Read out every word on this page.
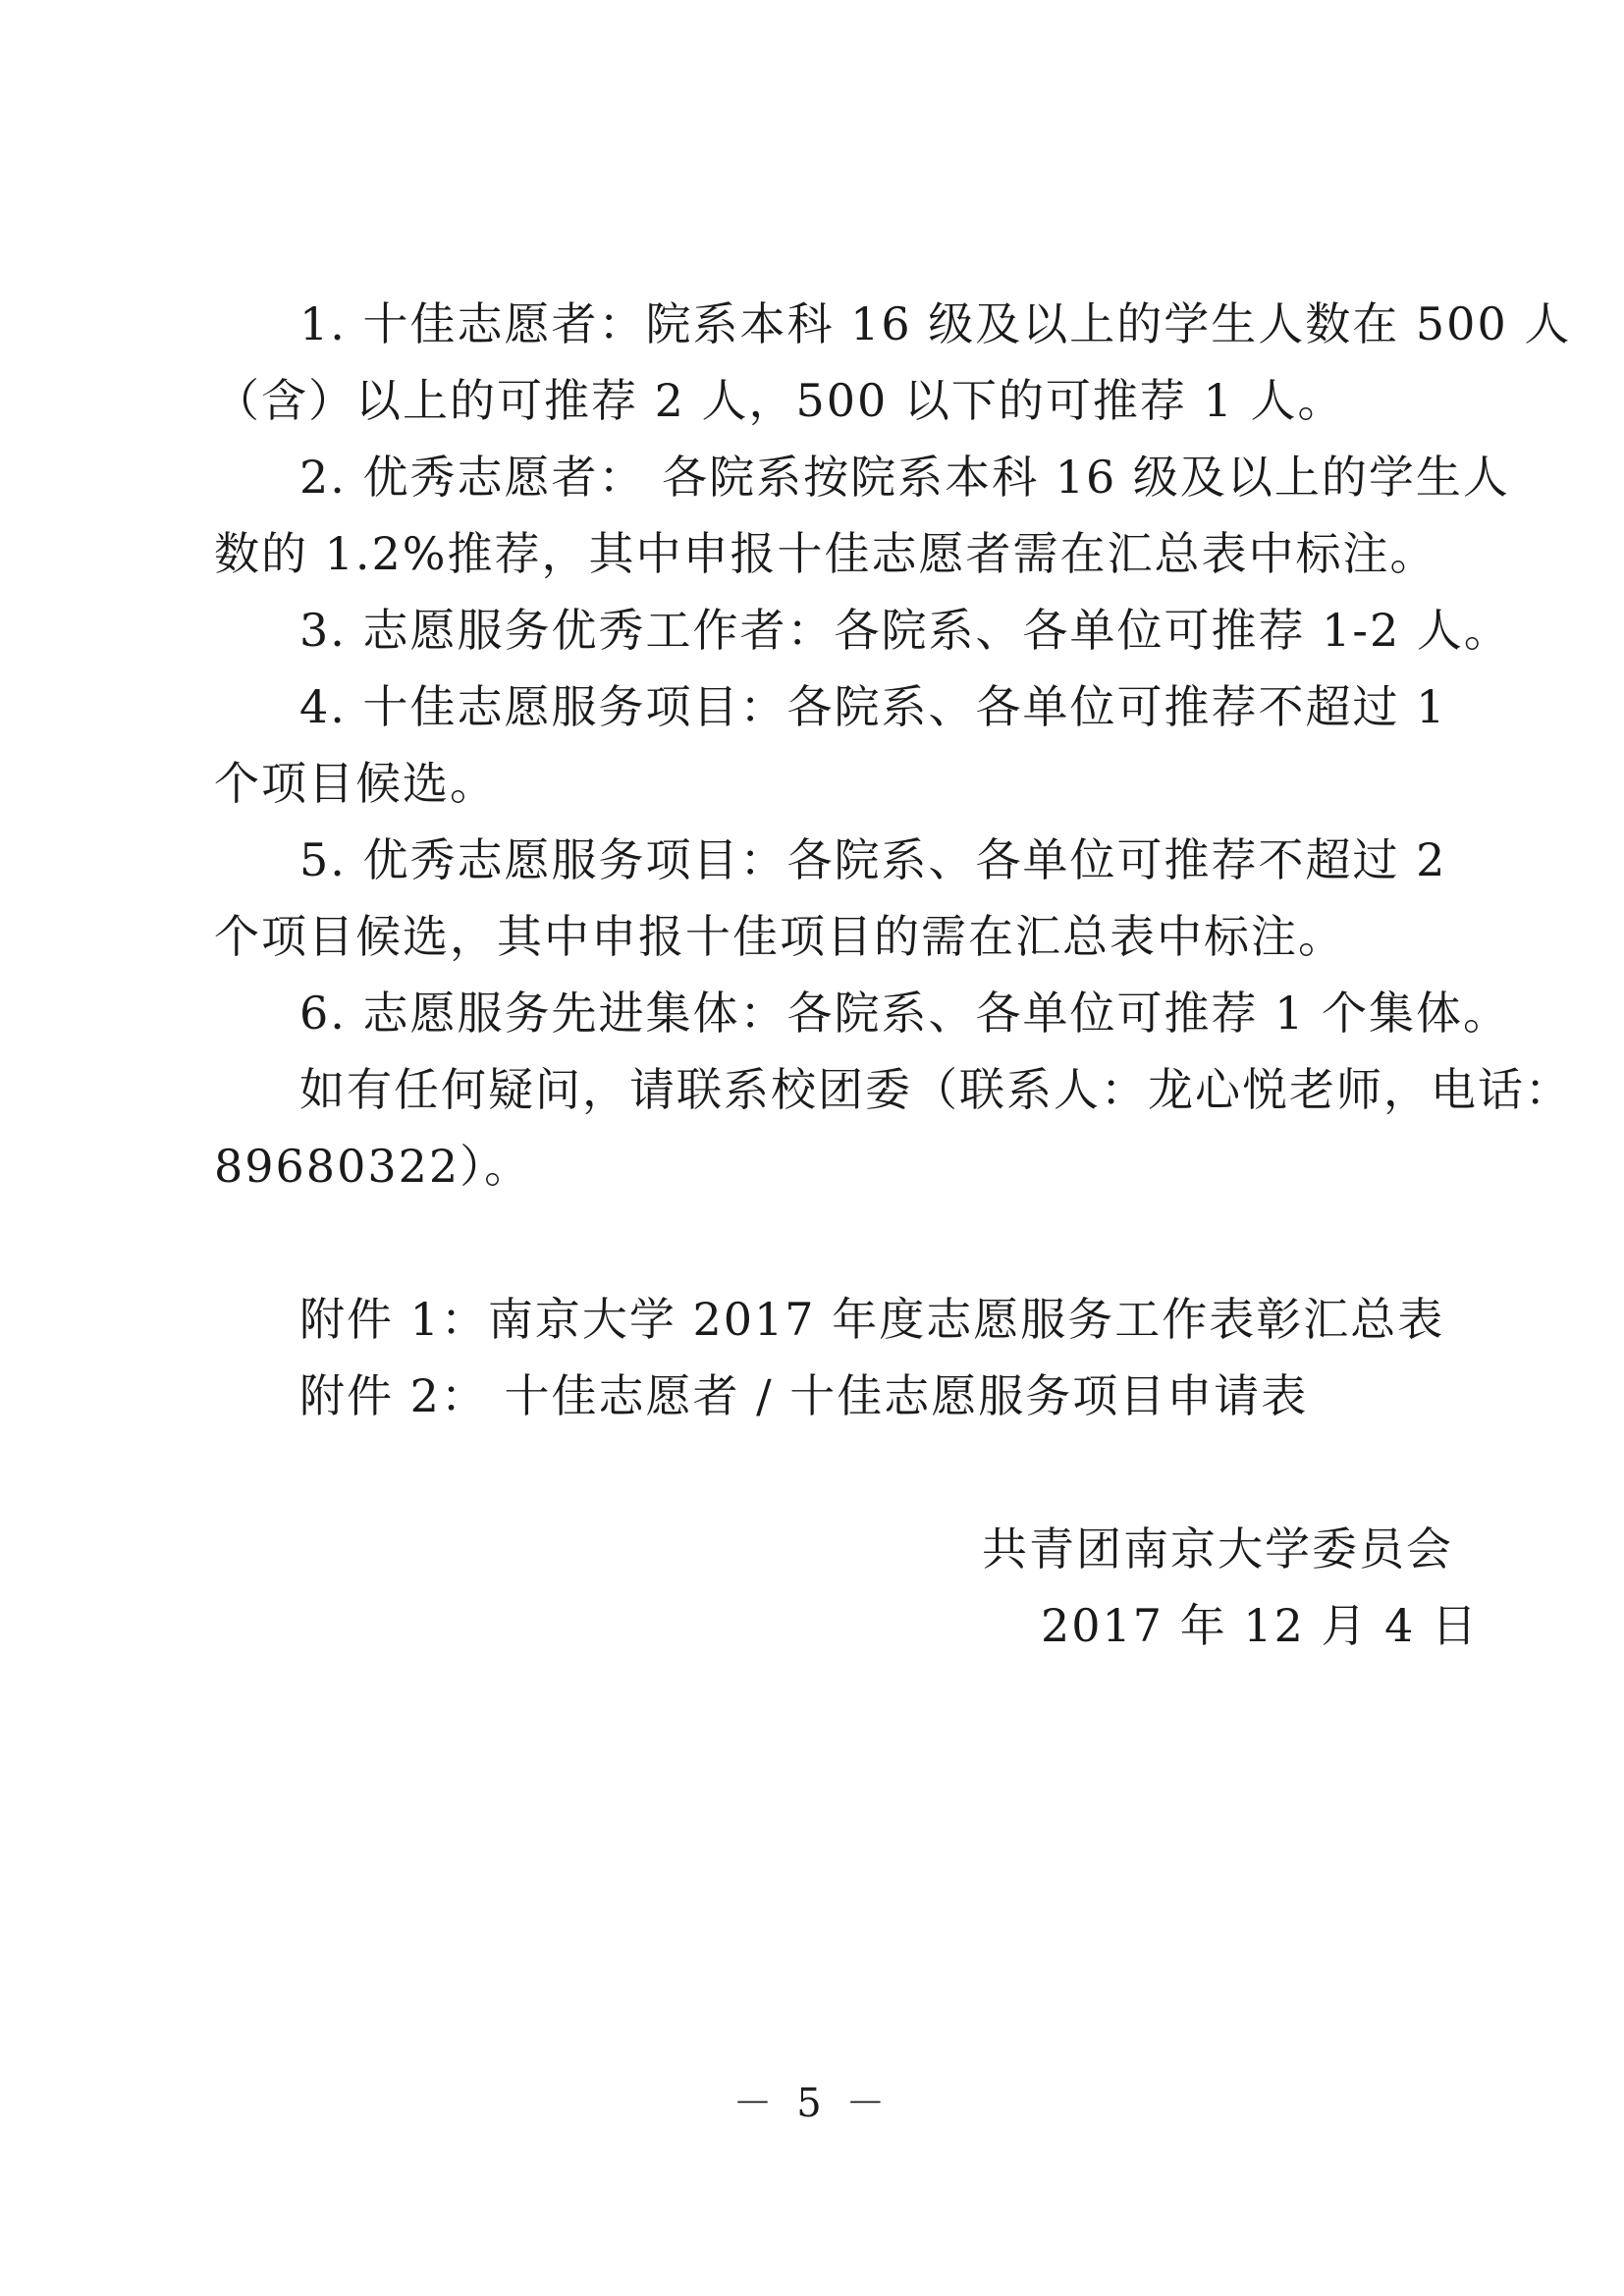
1. 十佳志愿者：院系本科 16 级及以上的学生人数在 500 人
（含）以上的可推荐 2 人，500 以下的可推荐 1 人。
2. 优秀志愿者： 各院系按院系本科 16 级及以上的学生人
数的 1.2%推荐，其中申报十佳志愿者需在汇总表中标注。
3. 志愿服务优秀工作者：各院系、各单位可推荐 1-2 人。
4. 十佳志愿服务项目：各院系、各单位可推荐不超过 1
个项目候选。
5. 优秀志愿服务项目：各院系、各单位可推荐不超过 2
个项目候选，其中申报十佳项目的需在汇总表中标注。
6. 志愿服务先进集体：各院系、各单位可推荐 1 个集体。
如有任何疑问，请联系校团委（联系人：龙心悦老师，电话：
89680322）。
附件 1：南京大学 2017 年度志愿服务工作表彰汇总表
附件 2： 十佳志愿者 / 十佳志愿服务项目申请表
共青团南京大学委员会
2017 年 12 月 4 日
－ 5 －
